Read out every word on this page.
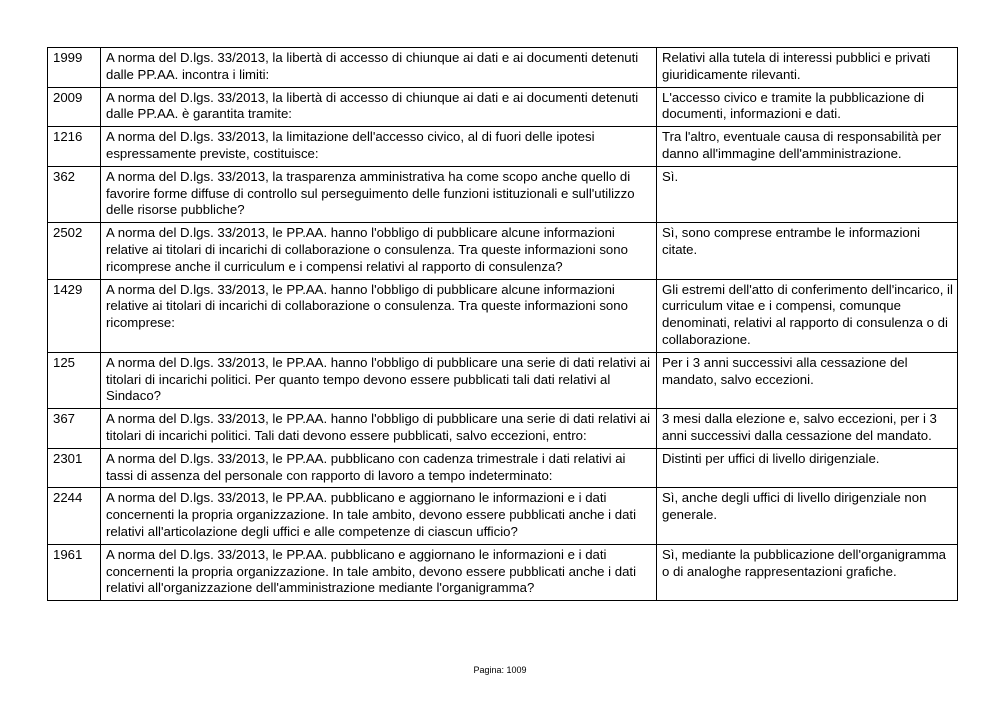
1999	A norma del D.lgs. 33/2013, la libertà di accesso di chiunque ai dati e ai documenti detenuti dalle PP.AA. incontra i limiti:	Relativi alla tutela di interessi pubblici e privati giuridicamente rilevanti.
2009	A norma del D.lgs. 33/2013, la libertà di accesso di chiunque ai dati e ai documenti detenuti dalle PP.AA. è garantita tramite:	L'accesso civico e tramite la pubblicazione di documenti, informazioni e dati.
1216	A norma del D.lgs. 33/2013, la limitazione dell'accesso civico, al di fuori delle ipotesi espressamente previste, costituisce:	Tra l'altro, eventuale causa di responsabilità per danno all'immagine dell'amministrazione.
362	A norma del D.lgs. 33/2013, la trasparenza amministrativa ha come scopo anche quello di favorire forme diffuse di controllo sul perseguimento delle funzioni istituzionali e sull'utilizzo delle risorse pubbliche?	Sì.
2502	A norma del D.lgs. 33/2013, le PP.AA. hanno l'obbligo di pubblicare alcune informazioni relative ai titolari di incarichi di collaborazione o consulenza. Tra queste informazioni sono ricomprese anche il curriculum e i compensi relativi al rapporto di consulenza?	Sì, sono comprese entrambe le informazioni citate.
1429	A norma del D.lgs. 33/2013, le PP.AA. hanno l'obbligo di pubblicare alcune informazioni relative ai titolari di incarichi di collaborazione o consulenza. Tra queste informazioni sono ricomprese:	Gli estremi dell'atto di conferimento dell'incarico, il curriculum vitae e i compensi, comunque denominati, relativi al rapporto di consulenza o di collaborazione.
125	A norma del D.lgs. 33/2013, le PP.AA. hanno l'obbligo di pubblicare una serie di dati relativi ai titolari di incarichi politici. Per quanto tempo devono essere pubblicati tali dati relativi al Sindaco?	Per i 3 anni successivi alla cessazione del mandato, salvo eccezioni.
367	A norma del D.lgs. 33/2013, le PP.AA. hanno l'obbligo di pubblicare una serie di dati relativi ai titolari di incarichi politici. Tali dati devono essere pubblicati, salvo eccezioni, entro:	3 mesi dalla elezione e, salvo eccezioni, per i 3 anni successivi dalla cessazione del mandato.
2301	A norma del D.lgs. 33/2013, le PP.AA. pubblicano con cadenza trimestrale i dati relativi ai tassi di assenza del personale con rapporto di lavoro a tempo indeterminato:	Distinti per uffici di livello dirigenziale.
2244	A norma del D.lgs. 33/2013, le PP.AA. pubblicano e aggiornano le informazioni e i dati concernenti la propria organizzazione. In tale ambito, devono essere pubblicati anche i dati relativi all'articolazione degli uffici e alle competenze di ciascun ufficio?	Sì, anche degli uffici di livello dirigenziale non generale.
1961	A norma del D.lgs. 33/2013, le PP.AA. pubblicano e aggiornano le informazioni e i dati concernenti la propria organizzazione. In tale ambito, devono essere pubblicati anche i dati relativi all'organizzazione dell'amministrazione mediante l'organigramma?	Sì, mediante la pubblicazione dell'organigramma o di analoghe rappresentazioni grafiche.
Pagina: 1009
